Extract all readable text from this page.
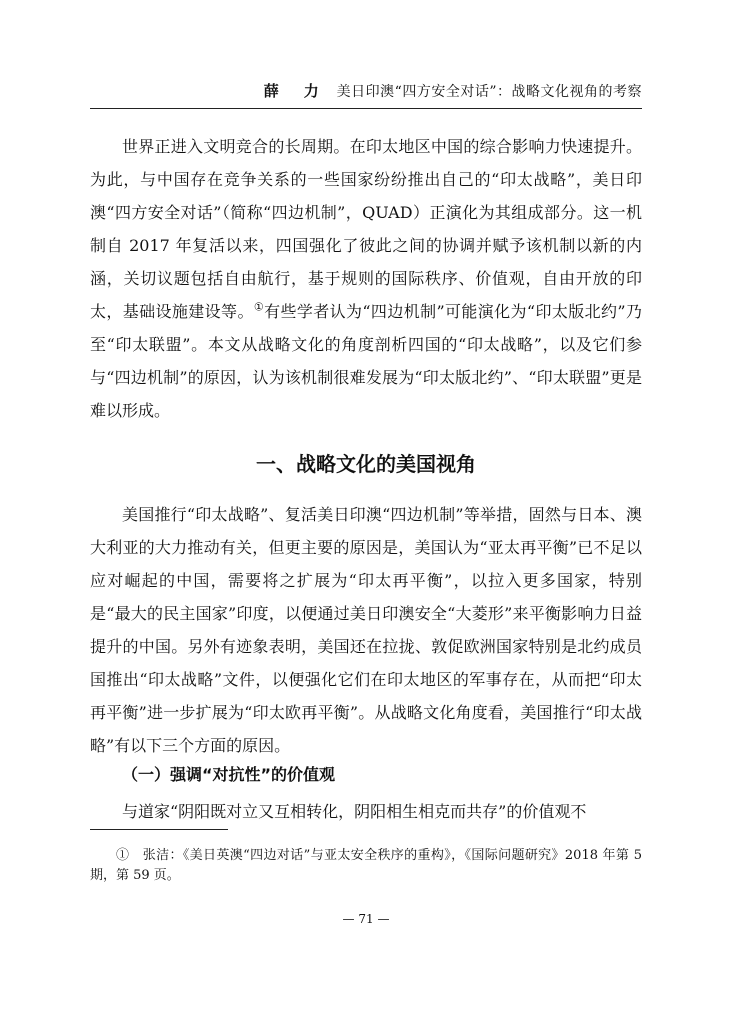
薛　力 美日印澳“四方安全对话”：战略文化视角的考察

世界正进入文明竞合的长周期。在印太地区中国的综合影响力快速提升。为此，与中国存在竞争关系的一些国家纷纷推出自己的“印太战略”，美日印澳“四方安全对话”（简称“四边机制”，QUAD）正演化为其组成部分。这一机制自 2017 年复活以来，四国强化了彼此之间的协调并赋予该机制以新的内涵，关切议题包括自由航行，基于规则的国际秩序、价值观，自由开放的印太，基础设施建设等。①有些学者认为“四边机制”可能演化为“印太版北约”乃至“印太联盟”。本文从战略文化的角度剖析四国的“印太战略”，以及它们参与“四边机制”的原因，认为该机制很难发展为“印太版北约”、“印太联盟”更是难以形成。

一、战略文化的美国视角

美国推行“印太战略”、复活美日印澳“四边机制”等举措，固然与日本、澳大利亚的大力推动有关，但更主要的原因是，美国认为“亚太再平衡”已不足以应对崛起的中国，需要将之扩展为“印太再平衡”，以拉入更多国家，特别是“最大的民主国家”印度，以便通过美日印澳安全“大菱形”来平衡影响力日益提升的中国。另外有迹象表明，美国还在拉拢、敦促欧洲国家特别是北约成员国推出“印太战略”文件，以便强化它们在印太地区的军事存在，从而把“印太再平衡”进一步扩展为“印太欧再平衡”。从战略文化角度看，美国推行“印太战略”有以下三个方面的原因。

（一）强调“对抗性”的价值观

与道家“阴阳既对立又互相转化，阴阳相生相克而共存”的价值观不

①　张洁：《美日英澳“四边对话”与亚太安全秩序的重构》，《国际问题研究》2018 年第 5 期，第 59 页。

— 71 —
